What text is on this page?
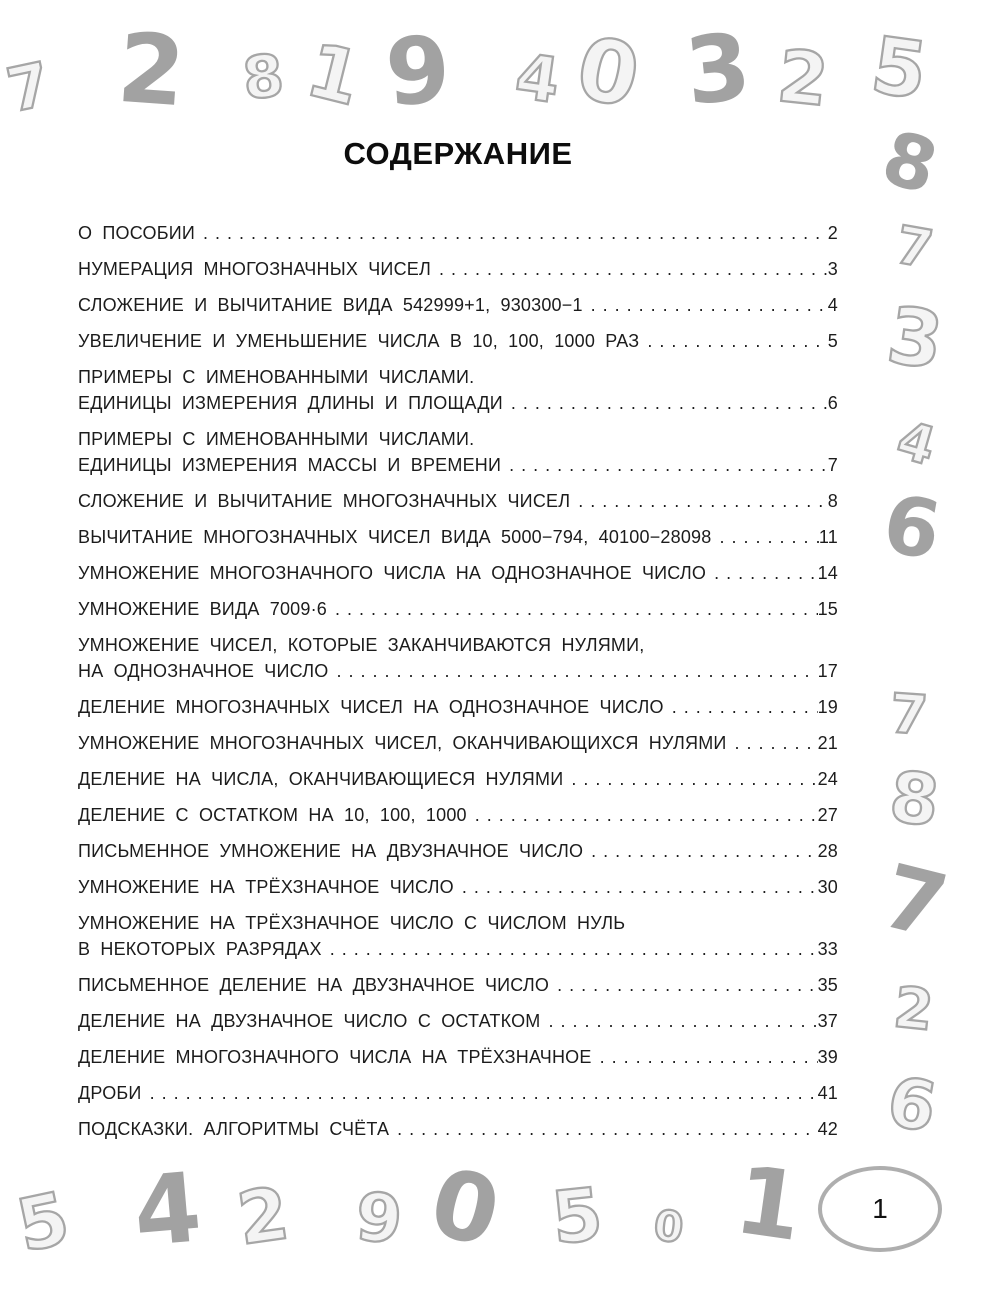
7 2 8 1 9 4 0 3 2 5
8
7
3
4
6
7
8
7
2
6
5 4 2 9 0 5 0 1
СОДЕРЖАНИЕ
О ПОСОБИИ .....	2
НУМЕРАЦИЯ МНОГОЗНАЧНЫХ ЧИСЕЛ .....	3
СЛОЖЕНИЕ И ВЫЧИТАНИЕ ВИДА 542999+1, 930300−1 .....	4
УВЕЛИЧЕНИЕ И УМЕНЬШЕНИЕ ЧИСЛА В 10, 100, 1000 РАЗ .....	5
ПРИМЕРЫ С ИМЕНОВАННЫМИ ЧИСЛАМИ.
ЕДИНИЦЫ ИЗМЕРЕНИЯ ДЛИНЫ И ПЛОЩАДИ .....	6
ПРИМЕРЫ С ИМЕНОВАННЫМИ ЧИСЛАМИ.
ЕДИНИЦЫ ИЗМЕРЕНИЯ МАССЫ И ВРЕМЕНИ .....	7
СЛОЖЕНИЕ И ВЫЧИТАНИЕ МНОГОЗНАЧНЫХ ЧИСЕЛ .....	8
ВЫЧИТАНИЕ МНОГОЗНАЧНЫХ ЧИСЕЛ ВИДА 5000−794, 40100−28098 .....	11
УМНОЖЕНИЕ МНОГОЗНАЧНОГО ЧИСЛА НА ОДНОЗНАЧНОЕ ЧИСЛО .....	14
УМНОЖЕНИЕ ВИДА 7009·6 .....	15
УМНОЖЕНИЕ ЧИСЕЛ, КОТОРЫЕ ЗАКАНЧИВАЮТСЯ НУЛЯМИ,
НА ОДНОЗНАЧНОЕ ЧИСЛО .....	17
ДЕЛЕНИЕ МНОГОЗНАЧНЫХ ЧИСЕЛ НА ОДНОЗНАЧНОЕ ЧИСЛО .....	19
УМНОЖЕНИЕ МНОГОЗНАЧНЫХ ЧИСЕЛ, ОКАНЧИВАЮЩИХСЯ НУЛЯМИ .....	21
ДЕЛЕНИЕ НА ЧИСЛА, ОКАНЧИВАЮЩИЕСЯ НУЛЯМИ .....	24
ДЕЛЕНИЕ С ОСТАТКОМ НА 10, 100, 1000 .....	27
ПИСЬМЕННОЕ УМНОЖЕНИЕ НА ДВУЗНАЧНОЕ ЧИСЛО .....	28
УМНОЖЕНИЕ НА ТРЁХЗНАЧНОЕ ЧИСЛО .....	30
УМНОЖЕНИЕ НА ТРЁХЗНАЧНОЕ ЧИСЛО С ЧИСЛОМ НУЛЬ
В НЕКОТОРЫХ РАЗРЯДАХ .....	33
ПИСЬМЕННОЕ ДЕЛЕНИЕ НА ДВУЗНАЧНОЕ ЧИСЛО .....	35
ДЕЛЕНИЕ НА ДВУЗНАЧНОЕ ЧИСЛО С ОСТАТКОМ .....	37
ДЕЛЕНИЕ МНОГОЗНАЧНОГО ЧИСЛА НА ТРЁХЗНАЧНОЕ .....	39
ДРОБИ .....	41
ПОДСКАЗКИ. АЛГОРИТМЫ СЧЁТА .....	42
1
